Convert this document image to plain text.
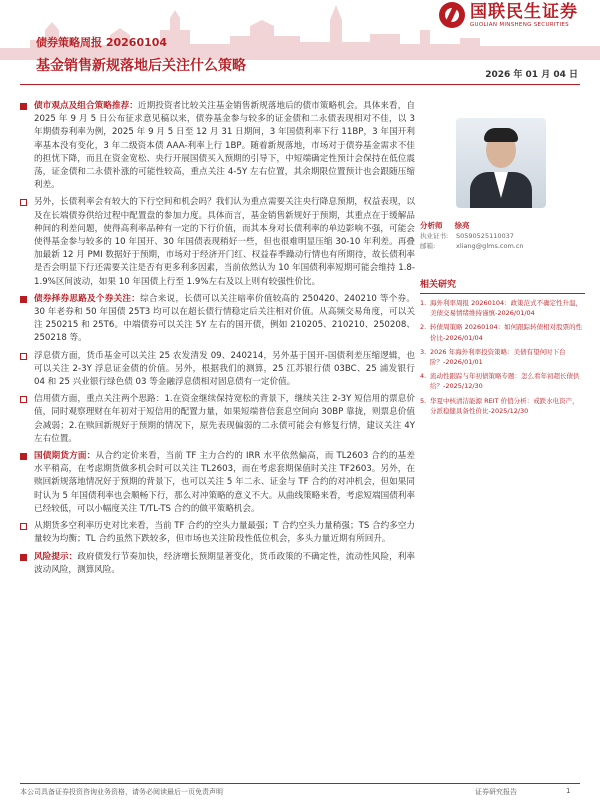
国联民生证券
GUOLIAN MINSHENG SECURITIES
债券策略周报 20260104
基金销售新规落地后关注什么策略
2026 年 01 月 04 日
债市观点及组合策略推荐：近期投资者比较关注基金销售新规落地后的债市策略机会。具体来看，自 2025 年 9 月 5 日公布征求意见稿以来，债券基金参与较多的证金债和二永债表现相对不佳，以 3 年期债券利率为例，2025 年 9 月 5 日至 12 月 31 日期间，3 年国债利率下行 11BP，3 年国开利率基本没有变化，3 年二级资本债 AAA-利率上行 1BP。随着新规落地，市场对于债券基金需求不佳的担忧下降，而且在资金宽松、央行开展国债买入预期的引导下，中短端确定性预计会保持在低位震荡，证金债和二永债补涨的可能性较高，重点关注 4-5Y 左右位置，其余期限位置预计也会跟随压缩利差。
另外，长债利率会有较大的下行空间和机会吗？我们认为重点需要关注央行降息预期，权益表现，以及在长端债券供给过程中配置盘的参加力度。具体而言，基金销售新规好于预期，其重点在于缓解品种间的利差问题，使得高利率品种有一定的下行价值，而其本身对长债利率的单边影响不强，可能会使得基金参与较多的 10 年国开、30 年国债表现稍好一些，但也很难明显压缩 30-10 年利差。再叠加最新 12 月 PMI 数据好于预期，市场对于经济开门红、权益春季躁动行情也有所期待，故长债利率是否会明显下行还需要关注是否有更多利多因素，当前依然认为 10 年国债利率短期可能会维持 1.8-1.9%区间波动，如果 10 年国债上行至 1.9%左右及以上则有较强性价比。
债券择券思路及个券关注：综合来说，长债可以关注暗率价值较高的 250420、240210 等个券。30 年老券和 50 年国债 25T3 均可以在超长债行情稳定后关注相对价值。从高频交易角度，可以关注 250215 和 25T6。中端债券可以关注 5Y 左右的国开债，例如 210205、210210、250208、250218 等。
浮息债方面，货币基金可以关注 25 农发清发 09、240214，另外基于国开-国债利差压缩逻辑，也可以关注 2-3Y 浮息证金债的价值。另外，根据我们的测算，25 江苏银行债 03BC、25 浦发银行 04 和 25 兴业银行绿色债 03 等金融浮息债相对固息债有一定价值。
信用债方面，重点关注两个思路：1.在资金继续保持宽松的背景下，继续关注 2-3Y 短信用的票息价值，同时观察理财在年初对于短信用的配置力量，如果短端普信套息空间向 30BP 靠拢，则票息价值会减弱；2.在赎回新规好于预期的情况下，原先表现偏弱的二永债可能会有修复行情，建议关注 4Y 左右位置。
国债期货方面：从合约定价来看，当前 TF 主力合约的 IRR 水平依然偏高，而 TL2603 合约的基差水平稍高，在考虑期货做多机会时可以关注 TL2603，而在考虑套期保值时关注 TF2603。另外，在赎回新规落地情况好于预期的背景下，也可以关注 5 年二永、证金与 TF 合约的对冲机会，但如果同时认为 5 年国债利率也会顺畅下行，那么对冲策略的意义不大。从曲线策略来看，考虑短端国债利率已经较低，可以小幅度关注 T/TL-TS 合约的做平策略机会。
从期货多空利率历史对比来看，当前 TF 合约的空头力量最强；T 合约空头力量稍强；TS 合约多空力量较为均衡；TL 合约虽然下跌较多，但市场也关注阶段性低位机会，多头力量近期有所回升。
风险提示：政府债发行节奏加快，经济增长预期显著变化，货币政策的不确定性，流动性风险，利率波动风险，测算风险。
分析师 徐亮
执业证书: S0590525110037
邮箱:	xliang@glms.com.cn
相关研究
1. 海外利率周报 20260104：政策范式不确定性升温，美债交易情绪维持谨慎-2026/01/04
2. 转债周策略 20260104：如何跟踪转债相对股票的性价比-2026/01/04
3. 2026 年海外利率投资策略：美债有望何时下台阶？-2026/01/01
4. 流动性跟踪与年初债策略专题：怎么看年初超长债供给？-2025/12/30
5. 华夏中核清洁能源 REIT 价值分析：戒跌水电资产，分派稳健具备性价比-2025/12/30
本公司具备证券投资咨询业务资格，请务必阅读最后一页免责声明	证券研究报告	1
